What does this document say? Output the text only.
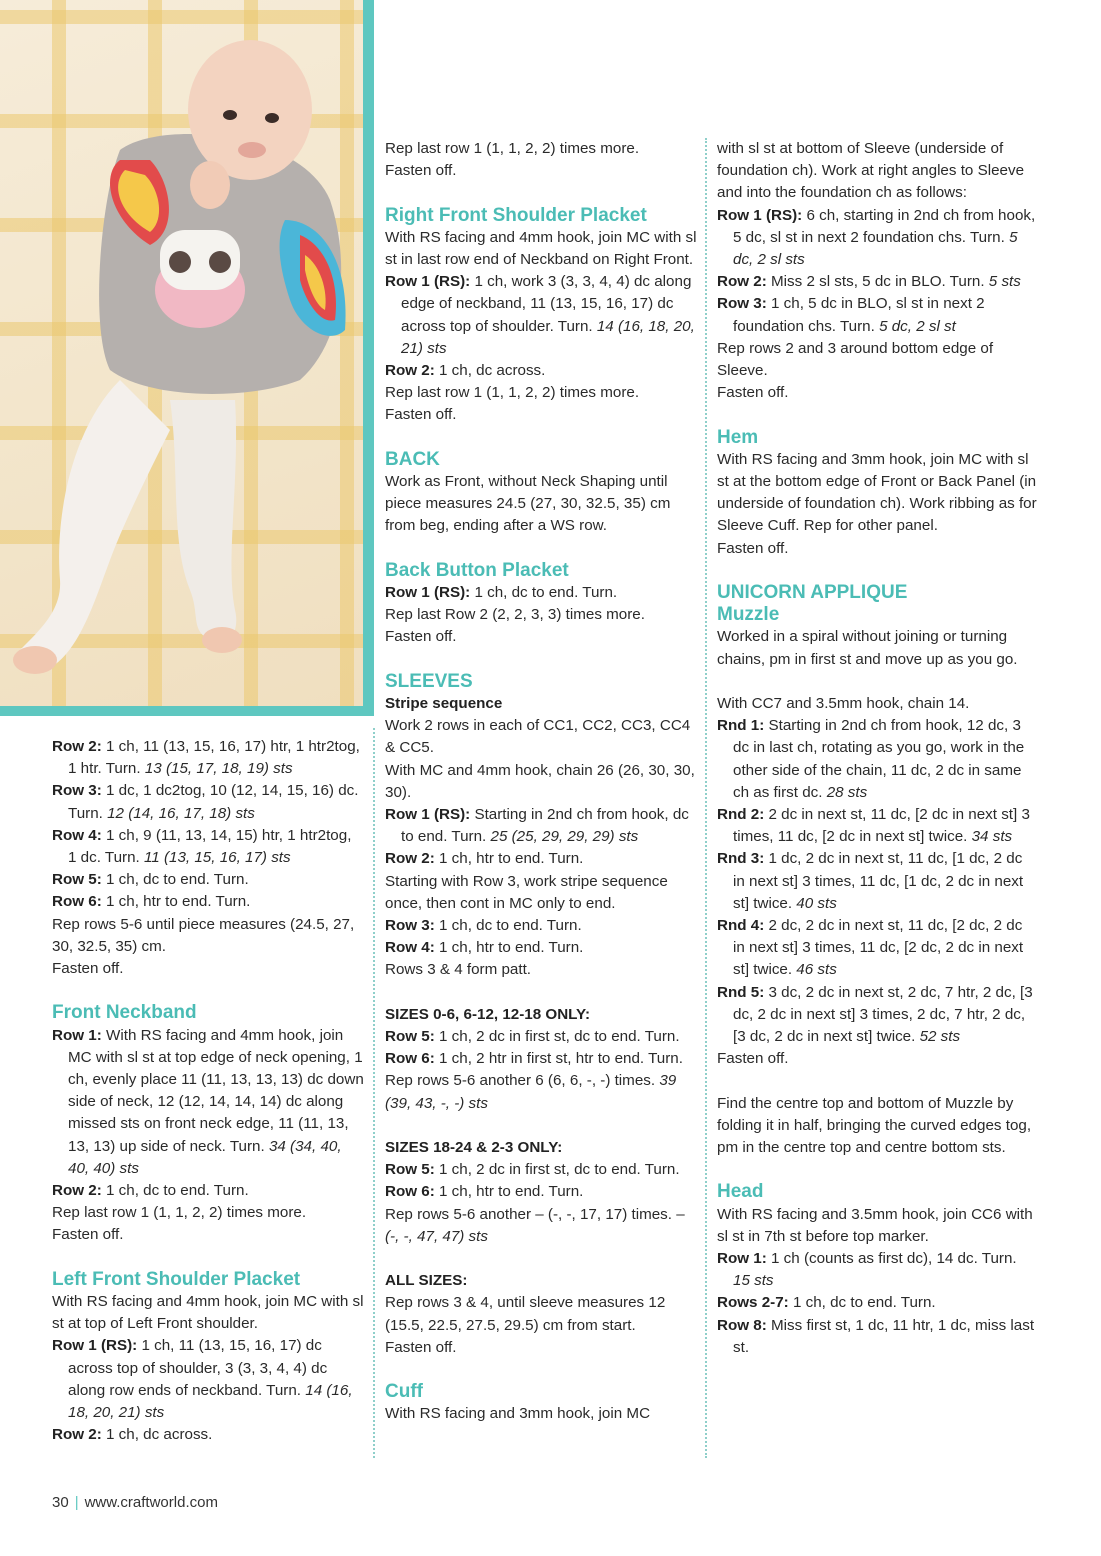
Row 2: 1 ch, 11 (13, 15, 16, 17) htr, 1 htr2tog, 1 htr. Turn. 13 (15, 17, 18, 19) sts

Row 3: 1 dc, 1 dc2tog, 10 (12, 14, 15, 16) dc. Turn. 12 (14, 16, 17, 18) sts

Row 4: 1 ch, 9 (11, 13, 14, 15) htr, 1 htr2tog, 1 dc. Turn. 11 (13, 15, 16, 17) sts

Row 5: 1 ch, dc to end. Turn.

Row 6: 1 ch, htr to end. Turn.

Rep rows 5-6 until piece measures (24.5, 27, 30, 32.5, 35) cm.

Fasten off.

Front Neckband

Row 1: With RS facing and 4mm hook, join MC with sl st at top edge of neck opening, 1 ch, evenly place 11 (11, 13, 13, 13) dc down side of neck, 12 (12, 14, 14, 14) dc along missed sts on front neck edge, 11 (11, 13, 13, 13) up side of neck. Turn. 34 (34, 40, 40, 40) sts

Row 2: 1 ch, dc to end. Turn.

Rep last row 1 (1, 1, 2, 2) times more.

Fasten off.

Left Front Shoulder Placket

With RS facing and 4mm hook, join MC with sl st at top of Left Front shoulder.

Row 1 (RS): 1 ch, 11 (13, 15, 16, 17) dc across top of shoulder, 3 (3, 3, 4, 4) dc along row ends of neckband. Turn. 14 (16, 18, 20, 21) sts

Row 2: 1 ch, dc across.

Rep last row 1 (1, 1, 2, 2) times more.

Fasten off.

Right Front Shoulder Placket

With RS facing and 4mm hook, join MC with sl st in last row end of Neckband on Right Front.

Row 1 (RS): 1 ch, work 3 (3, 3, 4, 4) dc along edge of neckband, 11 (13, 15, 16, 17) dc across top of shoulder. Turn. 14 (16, 18, 20, 21) sts

Row 2: 1 ch, dc across.

Rep last row 1 (1, 1, 2, 2) times more.

Fasten off.

BACK

Work as Front, without Neck Shaping until piece measures 24.5 (27, 30, 32.5, 35) cm from beg, ending after a WS row.

Back Button Placket

Row 1 (RS): 1 ch, dc to end. Turn.

Rep last Row 2 (2, 2, 3, 3) times more.

Fasten off.

SLEEVES

Stripe sequence

Work 2 rows in each of CC1, CC2, CC3, CC4 & CC5.

With MC and 4mm hook, chain 26 (26, 30, 30, 30).

Row 1 (RS): Starting in 2nd ch from hook, dc to end. Turn. 25 (25, 29, 29, 29) sts

Row 2: 1 ch, htr to end. Turn.

Starting with Row 3, work stripe sequence once, then cont in MC only to end.

Row 3: 1 ch, dc to end. Turn.

Row 4: 1 ch, htr to end. Turn.

Rows 3 & 4 form patt.

SIZES 0-6, 6-12, 12-18 ONLY:

Row 5: 1 ch, 2 dc in first st, dc to end. Turn.

Row 6: 1 ch, 2 htr in first st, htr to end. Turn.

Rep rows 5-6 another 6 (6, 6, -, -) times. 39 (39, 43, -, -) sts

SIZES 18-24 & 2-3 ONLY:

Row 5: 1 ch, 2 dc in first st, dc to end. Turn.

Row 6: 1 ch, htr to end. Turn.

Rep rows 5-6 another – (-, -, 17, 17) times. – (-, -, 47, 47) sts

ALL SIZES:

Rep rows 3 & 4, until sleeve measures 12 (15.5, 22.5, 27.5, 29.5) cm from start.

Fasten off.

Cuff

With RS facing and 3mm hook, join MC

with sl st at bottom of Sleeve (underside of foundation ch). Work at right angles to Sleeve and into the foundation ch as follows:

Row 1 (RS): 6 ch, starting in 2nd ch from hook, 5 dc, sl st in next 2 foundation chs. Turn. 5 dc, 2 sl sts

Row 2: Miss 2 sl sts, 5 dc in BLO. Turn. 5 sts

Row 3: 1 ch, 5 dc in BLO, sl st in next 2 foundation chs. Turn. 5 dc, 2 sl st

Rep rows 2 and 3 around bottom edge of Sleeve.

Fasten off.

Hem

With RS facing and 3mm hook, join MC with sl st at the bottom edge of Front or Back Panel (in underside of foundation ch). Work ribbing as for Sleeve Cuff. Rep for other panel.

Fasten off.

UNICORN APPLIQUE
Muzzle

Worked in a spiral without joining or turning chains, pm in first st and move up as you go.

With CC7 and 3.5mm hook, chain 14.

Rnd 1: Starting in 2nd ch from hook, 12 dc, 3 dc in last ch, rotating as you go, work in the other side of the chain, 11 dc, 2 dc in same ch as first dc. 28 sts

Rnd 2: 2 dc in next st, 11 dc, [2 dc in next st] 3 times, 11 dc, [2 dc in next st] twice. 34 sts

Rnd 3: 1 dc, 2 dc in next st, 11 dc, [1 dc, 2 dc in next st] 3 times, 11 dc, [1 dc, 2 dc in next st] twice. 40 sts

Rnd 4: 2 dc, 2 dc in next st, 11 dc, [2 dc, 2 dc in next st] 3 times, 11 dc, [2 dc, 2 dc in next st] twice. 46 sts

Rnd 5: 3 dc, 2 dc in next st, 2 dc, 7 htr, 2 dc, [3 dc, 2 dc in next st] 3 times, 2 dc, 7 htr, 2 dc, [3 dc, 2 dc in next st] twice. 52 sts

Fasten off.

Find the centre top and bottom of Muzzle by folding it in half, bringing the curved edges tog, pm in the centre top and centre bottom sts.

Head

With RS facing and 3.5mm hook, join CC6 with sl st in 7th st before top marker.

Row 1: 1 ch (counts as first dc), 14 dc. Turn. 15 sts

Rows 2-7: 1 ch, dc to end. Turn.

Row 8: Miss first st, 1 dc, 11 htr, 1 dc, miss last st.

30 | www.craftworld.com
